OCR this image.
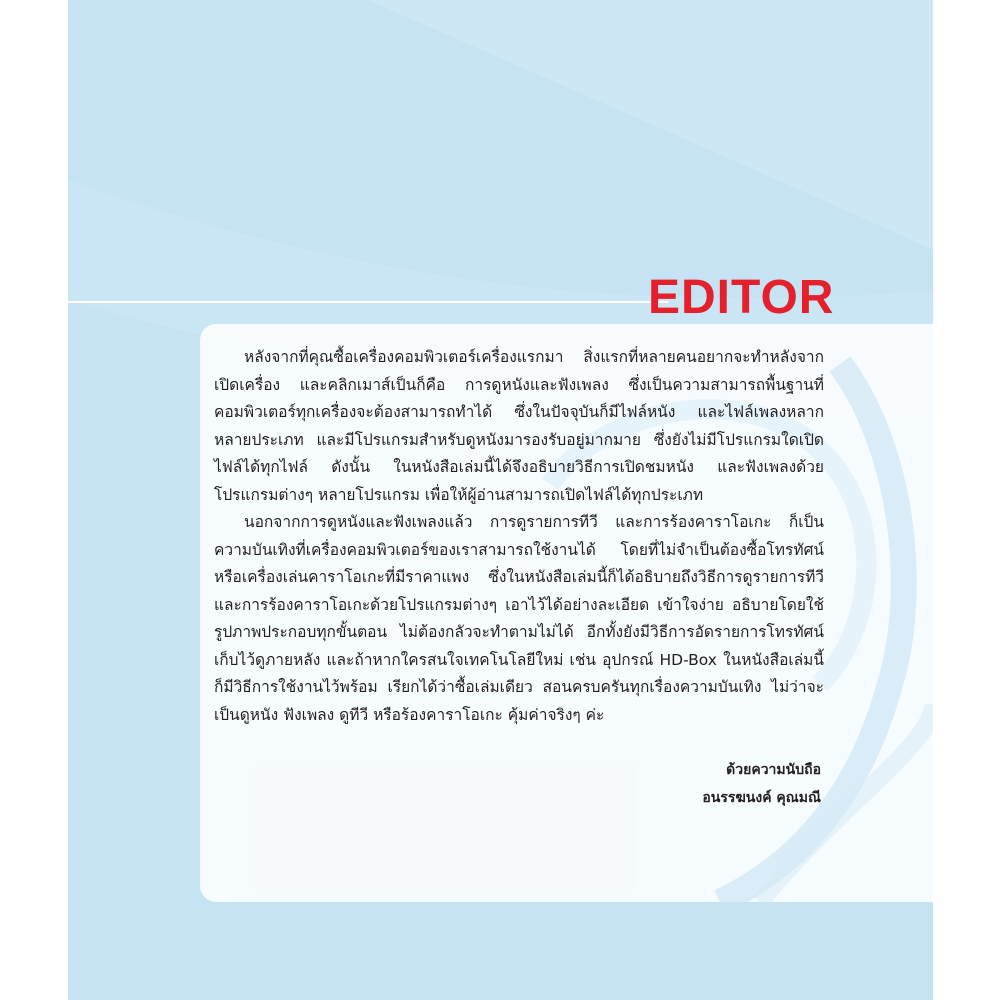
EDITOR

หลังจากที่คุณซื้อเครื่องคอมพิวเตอร์เครื่องแรกมา สิ่งแรกที่หลายคนอยากจะทำหลังจากเปิดเครื่อง และคลิกเมาส์เป็นก็คือ การดูหนังและฟังเพลง ซึ่งเป็นความสามารถพื้นฐานที่คอมพิวเตอร์ทุกเครื่องจะต้องสามารถทำได้ ซึ่งในปัจจุบันก็มีไฟล์หนัง และไฟล์เพลงหลากหลายประเภท และมีโปรแกรมสำหรับดูหนังมารองรับอยู่มากมาย ซึ่งยังไม่มีโปรแกรมใดเปิดไฟล์ได้ทุกไฟล์ ดังนั้น ในหนังสือเล่มนี้ได้จึงอธิบายวิธีการเปิดชมหนัง และฟังเพลงด้วยโปรแกรมต่างๆ หลายโปรแกรม เพื่อให้ผู้อ่านสามารถเปิดไฟล์ได้ทุกประเภท

นอกจากการดูหนังและฟังเพลงแล้ว การดูรายการทีวี และการร้องคาราโอเกะ ก็เป็นความบันเทิงที่เครื่องคอมพิวเตอร์ของเราสามารถใช้งานได้ โดยที่ไม่จำเป็นต้องซื้อโทรทัศน์ หรือเครื่องเล่นคาราโอเกะที่มีราคาแพง ซึ่งในหนังสือเล่มนี้ก็ได้อธิบายถึงวิธีการดูรายการทีวี และการร้องคาราโอเกะด้วยโปรแกรมต่างๆ เอาไว้ได้อย่างละเอียด เข้าใจง่าย อธิบายโดยใช้รูปภาพประกอบทุกขั้นตอน ไม่ต้องกลัวจะทำตามไม่ได้ อีกทั้งยังมีวิธีการอัดรายการโทรทัศน์เก็บไว้ดูภายหลัง และถ้าหากใครสนใจเทคโนโลยีใหม่ เช่น อุปกรณ์ HD-Box ในหนังสือเล่มนี้ก็มีวิธีการใช้งานไว้พร้อม เรียกได้ว่าซื้อเล่มเดียว สอนครบครันทุกเรื่องความบันเทิง ไม่ว่าจะเป็นดูหนัง ฟังเพลง ดูทีวี หรือร้องคาราโอเกะ คุ้มค่าจริงๆ ค่ะ

ด้วยความนับถือ
อนรรฆนงค์ คุณมณี
